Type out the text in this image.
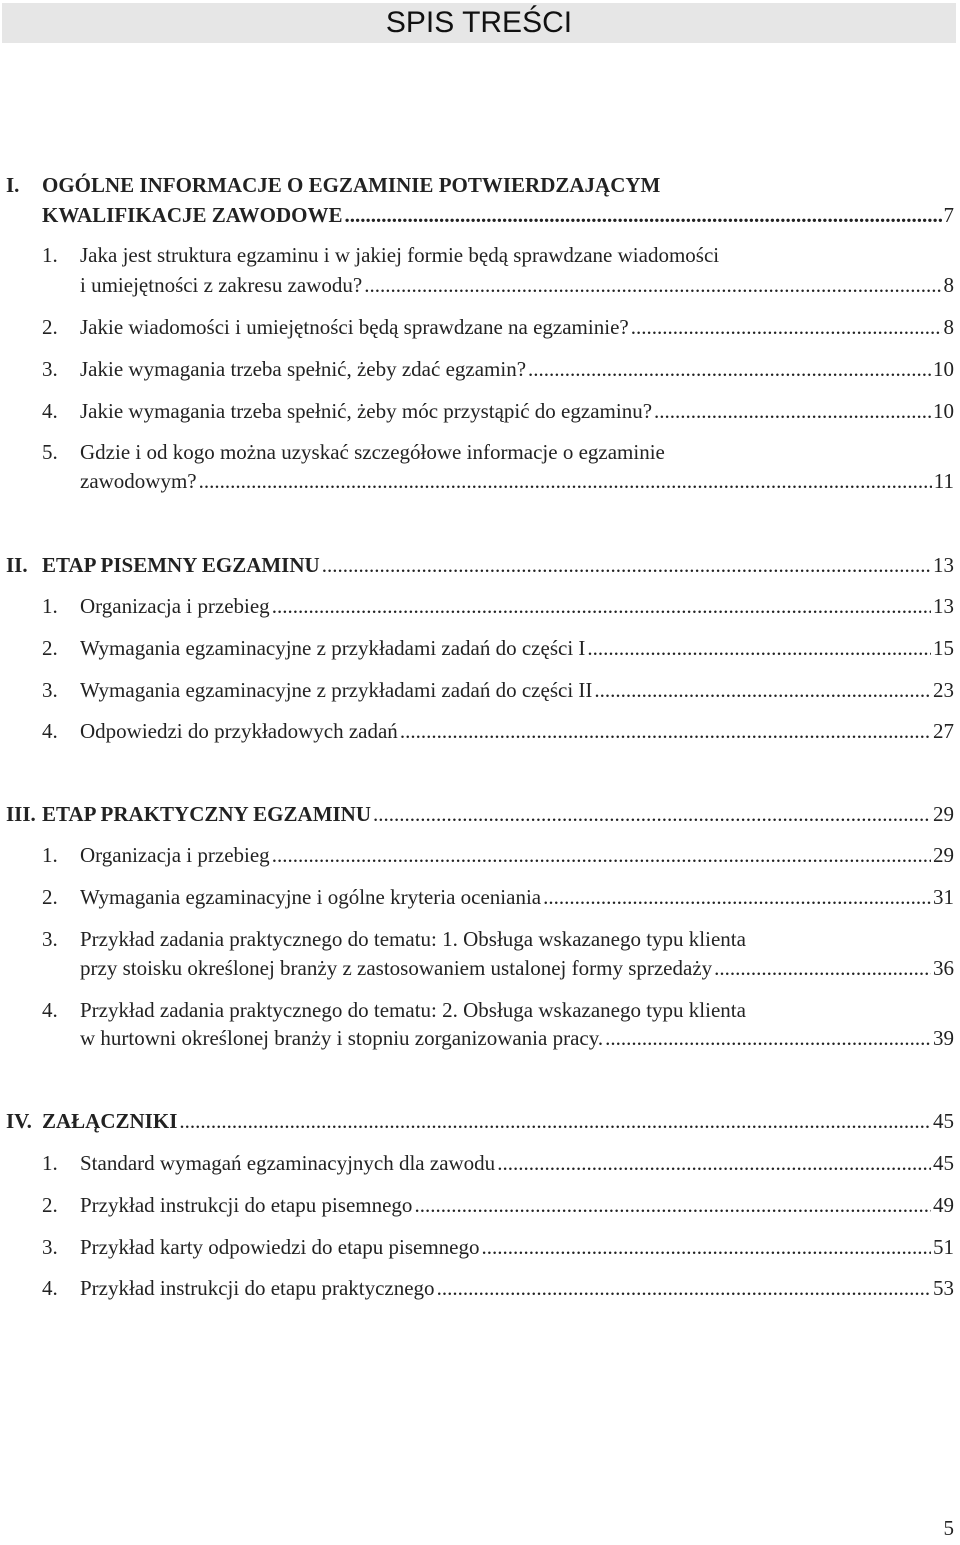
SPIS TREŚCI
I. OGÓLNE INFORMACJE O EGZAMINIE POTWIERDZAJĄCYM
KWALIFIKACJE ZAWODOWE .....	7
1. Jaka jest struktura egzaminu i w jakiej formie będą sprawdzane wiadomości
i umiejętności z zakresu zawodu? .....	8
2. Jakie wiadomości i umiejętności będą sprawdzane na egzaminie? .....	8
3. Jakie wymagania trzeba spełnić, żeby zdać egzamin? .....	10
4. Jakie wymagania trzeba spełnić, żeby móc przystąpić do egzaminu? .....	10
5. Gdzie i od kogo można uzyskać szczegółowe informacje o egzaminie
zawodowym? .....	11
II. ETAP PISEMNY EGZAMINU .....	13
1. Organizacja i przebieg .....	13
2. Wymagania egzaminacyjne z przykładami zadań do części I .....	15
3. Wymagania egzaminacyjne z przykładami zadań do części II .....	23
4. Odpowiedzi do przykładowych zadań .....	27
III. ETAP PRAKTYCZNY EGZAMINU .....	29
1. Organizacja i przebieg .....	29
2. Wymagania egzaminacyjne i ogólne kryteria oceniania .....	31
3. Przykład zadania praktycznego do tematu: 1. Obsługa wskazanego typu klienta
przy stoisku określonej branży z zastosowaniem ustalonej formy sprzedaży .....	36
4. Przykład zadania praktycznego do tematu: 2. Obsługa wskazanego typu klienta
w hurtowni określonej branży i stopniu zorganizowania pracy. .....	39
IV. ZAŁĄCZNIKI .....	45
1. Standard wymagań egzaminacyjnych dla zawodu .....	45
2. Przykład instrukcji do etapu pisemnego .....	49
3. Przykład karty odpowiedzi do etapu pisemnego .....	51
4. Przykład instrukcji do etapu praktycznego .....	53
5
